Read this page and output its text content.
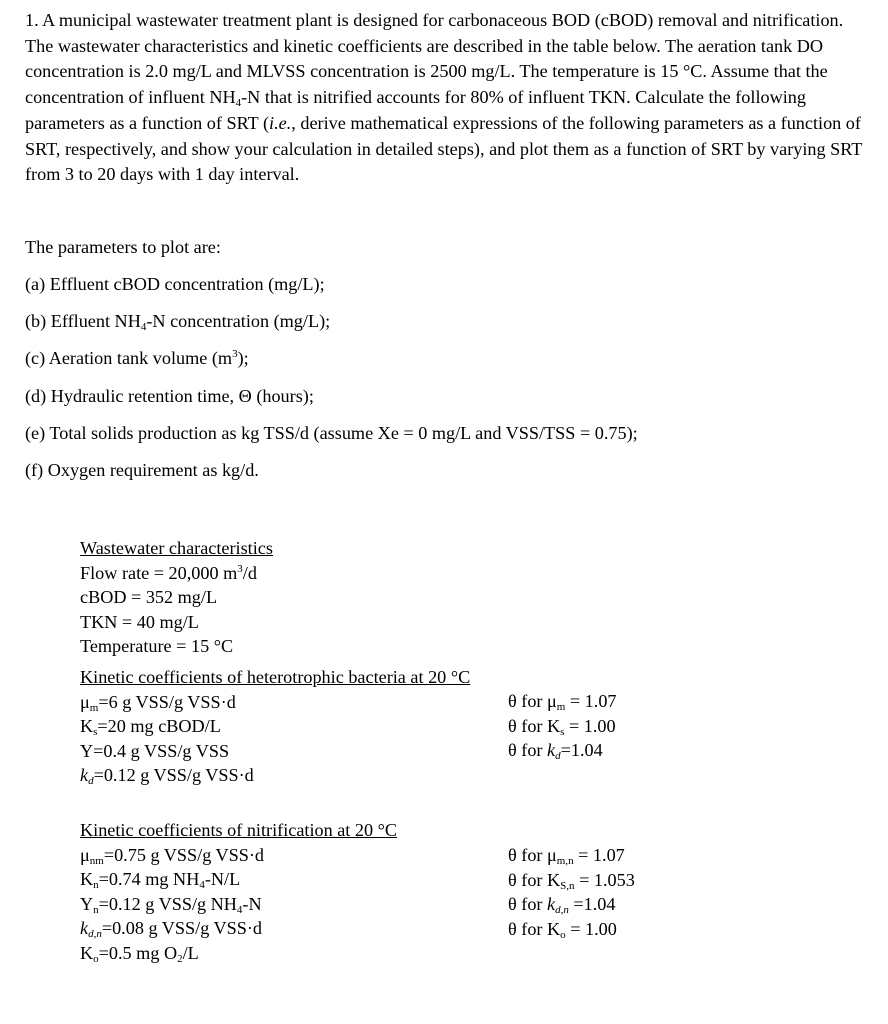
1. A municipal wastewater treatment plant is designed for carbonaceous BOD (cBOD) removal and nitrification. The wastewater characteristics and kinetic coefficients are described in the table below. The aeration tank DO concentration is 2.0 mg/L and MLVSS concentration is 2500 mg/L. The temperature is 15 °C. Assume that the concentration of influent $NH_4-N$ that is nitrified accounts for 80% of influent TKN. Calculate the following parameters as a function of SRT (i.e., derive mathematical expressions of the following parameters as a function of SRT, respectively, and show your calculation in detailed steps), and plot them as a function of SRT by varying SRT from 3 to 20 days with 1 day interval.

The parameters to plot are:
(a) Effluent cBOD concentration (mg/L);
(b) Effluent $NH_4-N$ concentration (mg/L);
(c) Aeration tank volume $(m^3)$;
(d) Hydraulic retention time, Θ (hours);
(e) Total solids production as kg TSS/d (assume Xe = 0 mg/L and VSS/TSS = 0.75);
(f) Oxygen requirement as kg/d.
Wastewater characteristics
Flow rate = 20,000 $m^3/d$
cBOD = 352 mg/L
TKN = 40 mg/L
Temperature = 15 °C
Kinetic coefficients of heterotrophic bacteria at 20 °C
$\mu_m=6$ g VSS/g VSS·d
$K_s=20$ mg cBOD/L
Y=0.4 g VSS/g VSS
$k_d=0.12$ g VSS/g VSS·d
θ for $\mu_m = 1.07$
θ for $K_s = 1.00$
θ for $k_d=1.04$
Kinetic coefficients of nitrification at 20 °C
$\mu_{nm}=0.75$ g VSS/g VSS·d
$K_n=0.74$ mg $NH_4-N/L$
$Y_n=0.12$ g VSS/g $NH_4-N$
$k_{d,n}=0.08$ g VSS/g VSS·d
$K_o=0.5$ mg $O_2/L$
θ for $\mu_{m,n} = 1.07$
θ for $K_{S,n} = 1.053$
θ for $k_{d,n} =1.04$
θ for $K_o = 1.00$
